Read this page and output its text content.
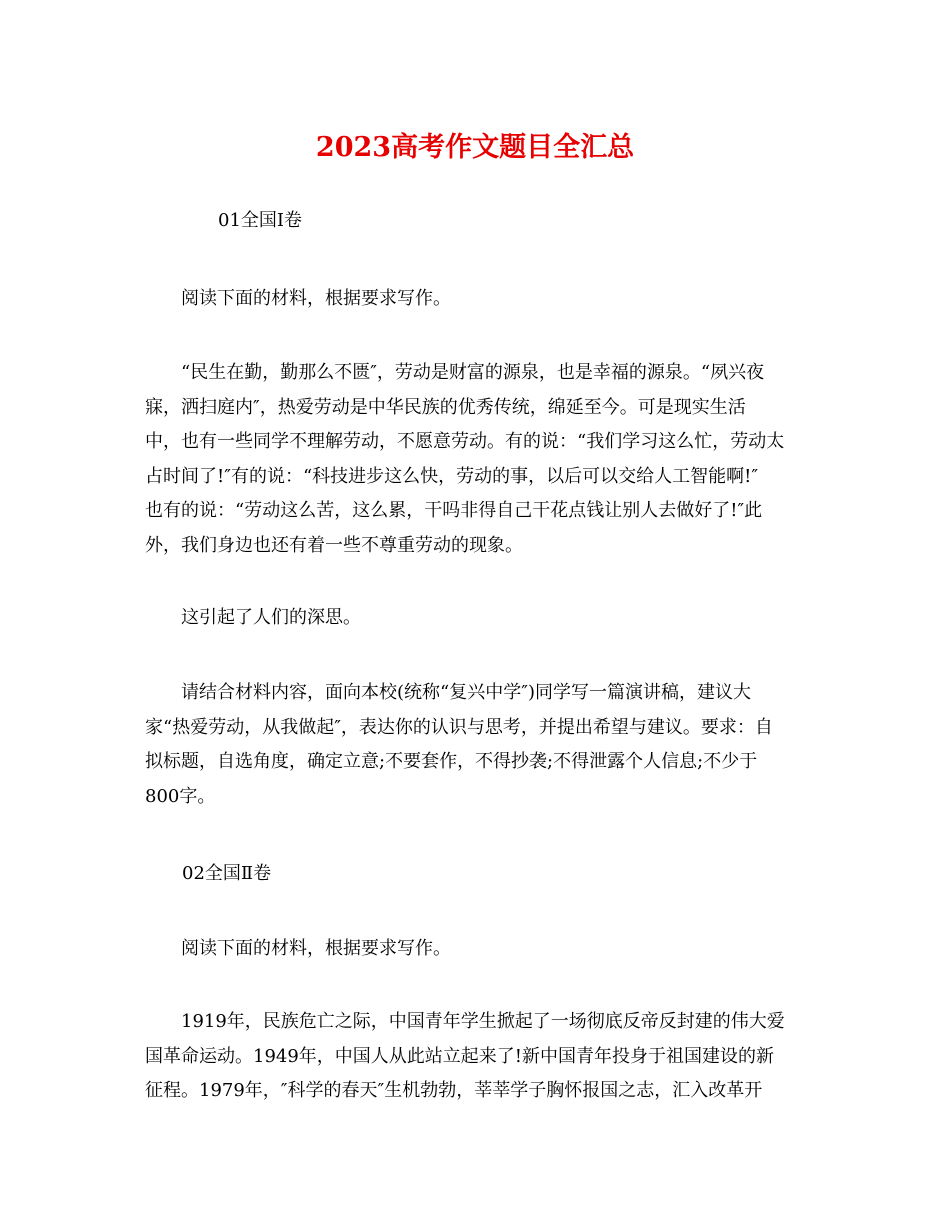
2023高考作文题目全汇总
01全国Ⅰ卷

阅读下面的材料，根据要求写作。

“民生在勤，勤那么不匮″，劳动是财富的源泉，也是幸福的源泉。“夙兴夜
寐，洒扫庭内″，热爱劳动是中华民族的优秀传统，绵延至今。可是现实生活
中，也有一些同学不理解劳动，不愿意劳动。有的说：“我们学习这么忙，劳动太
占时间了!″有的说：“科技进步这么快，劳动的事，以后可以交给人工智能啊!″
也有的说：“劳动这么苦，这么累，干吗非得自己干花点钱让别人去做好了!″此
外，我们身边也还有着一些不尊重劳动的现象。

这引起了人们的深思。

请结合材料内容，面向本校(统称“复兴中学″)同学写一篇演讲稿，建议大
家“热爱劳动，从我做起″，表达你的认识与思考，并提出希望与建议。要求：自
拟标题，自选角度，确定立意;不要套作，不得抄袭;不得泄露个人信息;不少于
800字。
02全国Ⅱ卷

阅读下面的材料，根据要求写作。

1919年，民族危亡之际，中国青年学生掀起了一场彻底反帝反封建的伟大爱
国革命运动。1949年，中国人从此站立起来了!新中国青年投身于祖国建设的新
征程。1979年，″科学的春天″生机勃勃，莘莘学子胸怀报国之志，汇入改革开
